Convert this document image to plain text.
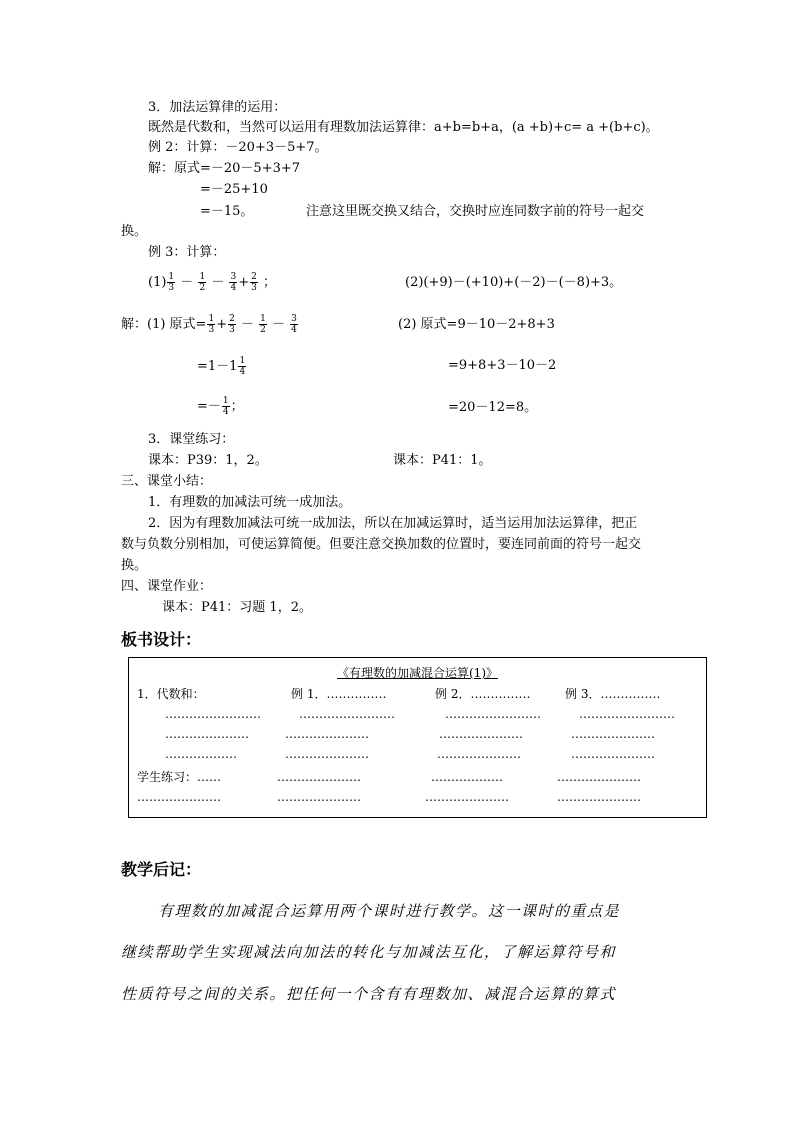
3．加法运算律的运用：
既然是代数和，当然可以运用有理数加法运算律：a+b=b+a，(a +b)+c= a +(b+c)。
例 2：计算：－20+3－5+7。
解：原式=－20－5+3+7
=－25+10
=－15。	注意这里既交换又结合，交换时应连同数字前的符号一起交
换。
例 3：计算：
$(1) \frac{1}{3} - \frac{1}{2} - \frac{3}{4} + \frac{2}{3}$ ；	(2)(+9)－(+10)+(－2)－(－8)+3。
解：(1) 原式= $\frac{1}{3} + \frac{2}{3} - \frac{1}{2} - \frac{3}{4}$	(2) 原式=9－10－2+8+3
$=1-1 \frac{1}{4}$	=9+8+3－10－2
=－ $\frac{1}{4}$ ；	=20－12=8。
3．课堂练习：
课本：P39：1，2。	课本：P41：1。
三、课堂小结：
1．有理数的加减法可统一成加法。
2．因为有理数加减法可统一成加法，所以在加减运算时，适当运用加法运算律，把正
数与负数分别相加，可使运算简便。但要注意交换加数的位置时，要连同前面的符号一起交
换。
四、课堂作业：
课本：P41：习题 1，2。
板书设计：
《有理数的加减混合运算(1)》
1．代数和：	例 1．……………	例 2．……………	例 3．……………
……………………	……………………	……………………	……………………
…………………	…………………	…………………	…………………
………………	…………………	…………………	…………………
学生练习：……	…………………	………………	…………………
…………………	…………………	…………………	…………………
教学后记：
有理数的加减混合运算用两个课时进行教学。这一课时的重点是
继续帮助学生实现减法向加法的转化与加减法互化，了解运算符号和
性质符号之间的关系。把任何一个含有有理数加、减混合运算的算式
